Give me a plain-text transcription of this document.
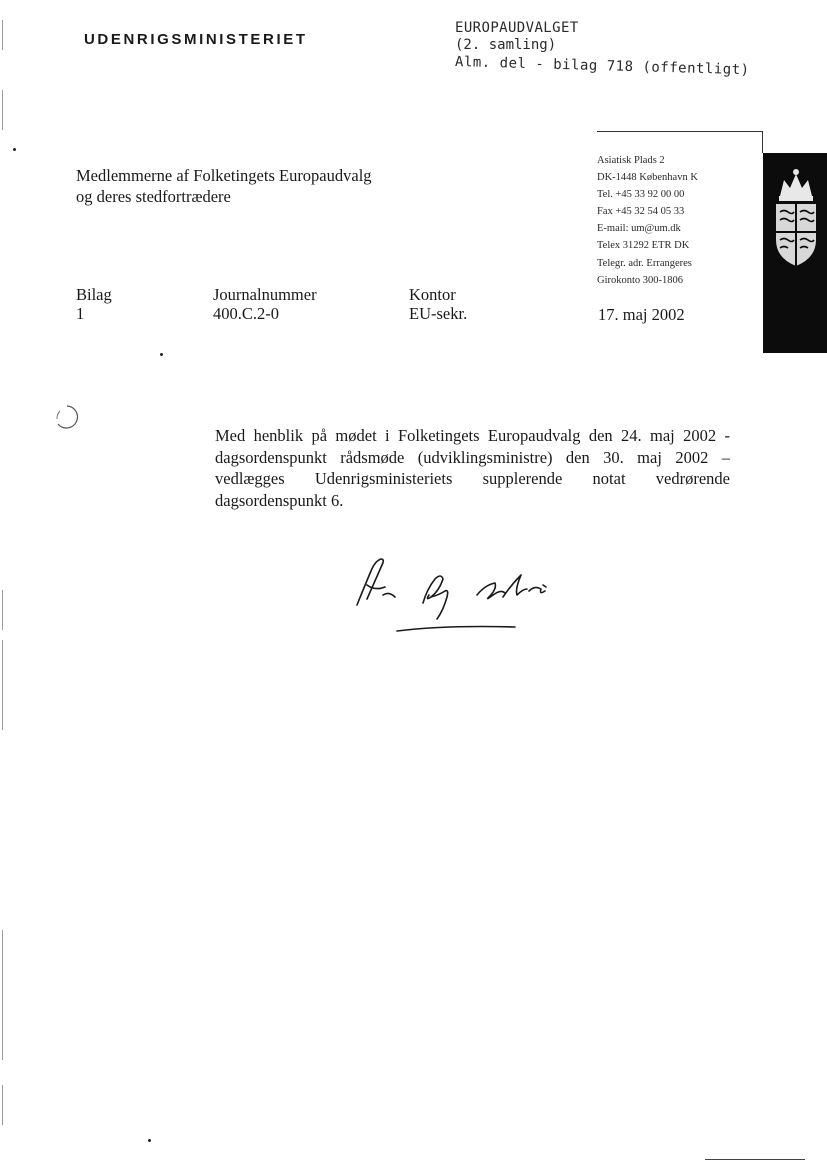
UDENRIGSMINISTERIET
EUROPAUDVALGET
(2. samling)
Alm. del - bilag 718 (offentligt)
Medlemmerne af Folketingets Europaudvalg
og deres stedfortrædere
Asiatisk Plads 2
DK-1448 København K
Tel. +45 33 92 00 00
Fax +45 32 54 05 33
E-mail: um@um.dk
Telex 31292 ETR DK
Telegr. adr. Errangeres
Girokonto 300-1806
Bilag
1
Journalnummer
400.C.2-0
Kontor
EU-sekr.	17. maj 2002
Med henblik på mødet i Folketingets Europaudvalg den 24. maj 2002 - dagsordenspunkt rådsmøde (udviklingsministre) den 30. maj 2002 – vedlægges Udenrigsministeriets supplerende notat vedrørende dagsordenspunkt 6.
